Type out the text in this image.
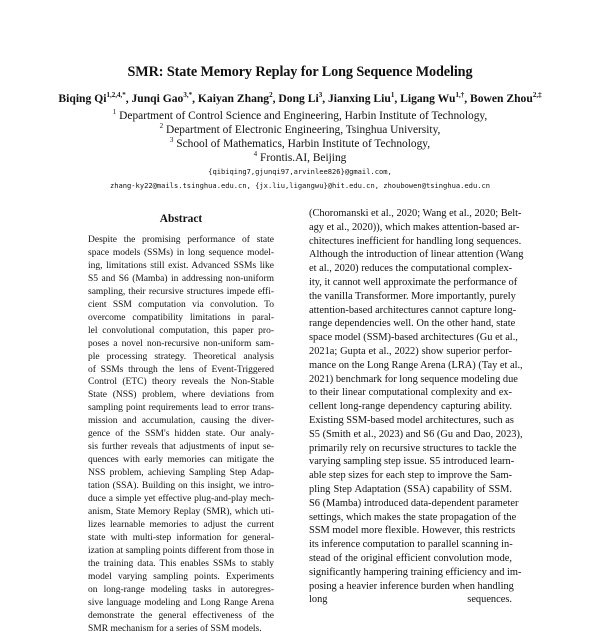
SMR: State Memory Replay for Long Sequence Modeling
Biqing $Qi^{1,2,4,*}$, Junqi Gao$^{3,*}$, Kaiyan Zhang$^2$, Dong Li$^3$, Jianxing Liu$^1$, Ligang $Wu^{1,\dagger}$, Bowen Zhou$^{2,\ddagger}$
$^1$ Department of Control Science and Engineering, Harbin Institute of Technology,
$^2$ Department of Electronic Engineering, Tsinghua University,
$^3$ School of Mathematics, Harbin Institute of Technology,
$^4$ Frontis.AI, Beijing
{qibiqing7,gjunqi97,arvinlee826}@gmail.com,
zhang-ky22@mails.tsinghua.edu.cn, {jx.liu,ligangwu}@hit.edu.cn, zhoubowen@tsinghua.edu.cn
Abstract
Despite the promising performance of state
space models (SSMs) in long sequence model-
ing, limitations still exist. Advanced SSMs like
S5 and S6 (Mamba) in addressing non-uniform
sampling, their recursive structures impede effi-
cient SSM computation via convolution. To
overcome compatibility limitations in paral-
lel convolutional computation, this paper pro-
poses a novel non-recursive non-uniform sam-
ple processing strategy. Theoretical analysis
of SSMs through the lens of Event-Triggered
Control (ETC) theory reveals the Non-Stable
State (NSS) problem, where deviations from
sampling point requirements lead to error trans-
mission and accumulation, causing the diver-
gence of the SSM's hidden state. Our analy-
sis further reveals that adjustments of input se-
quences with early memories can mitigate the
NSS problem, achieving Sampling Step Adap-
tation (SSA). Building on this insight, we intro-
duce a simple yet effective plug-and-play mech-
anism, State Memory Replay (SMR), which uti-
lizes learnable memories to adjust the current
state with multi-step information for general-
ization at sampling points different from those in
the training data. This enables SSMs to stably
model varying sampling points. Experiments
on long-range modeling tasks in autoregres-
sive language modeling and Long Range Arena
demonstrate the general effectiveness of the
SMR mechanism for a series of SSM models.
(Choromanski et al., 2020; Wang et al., 2020; Belt-
agy et al., 2020)), which makes attention-based ar-
chitectures inefficient for handling long sequences.
Although the introduction of linear attention (Wang
et al., 2020) reduces the computational complex-
ity, it cannot well approximate the performance of
the vanilla Transformer. More importantly, purely
attention-based architectures cannot capture long-
range dependencies well. On the other hand, state
space model (SSM)-based architectures (Gu et al.,
2021a; Gupta et al., 2022) show superior perfor-
mance on the Long Range Arena (LRA) (Tay et al.,
2021) benchmark for long sequence modeling due
to their linear computational complexity and ex-
cellent long-range dependency capturing ability.
Existing SSM-based model architectures, such as
S5 (Smith et al., 2023) and S6 (Gu and Dao, 2023),
primarily rely on recursive structures to tackle the
varying sampling step issue. S5 introduced learn-
able step sizes for each step to improve the Sam-
pling Step Adaptation (SSA) capability of SSM.
S6 (Mamba) introduced data-dependent parameter
settings, which makes the state propagation of the
SSM model more flexible. However, this restricts
its inference computation to parallel scanning in-
stead of the original efficient convolution mode,
significantly hampering training efficiency and im-
posing a heavier inference burden when handling
long sequences.
